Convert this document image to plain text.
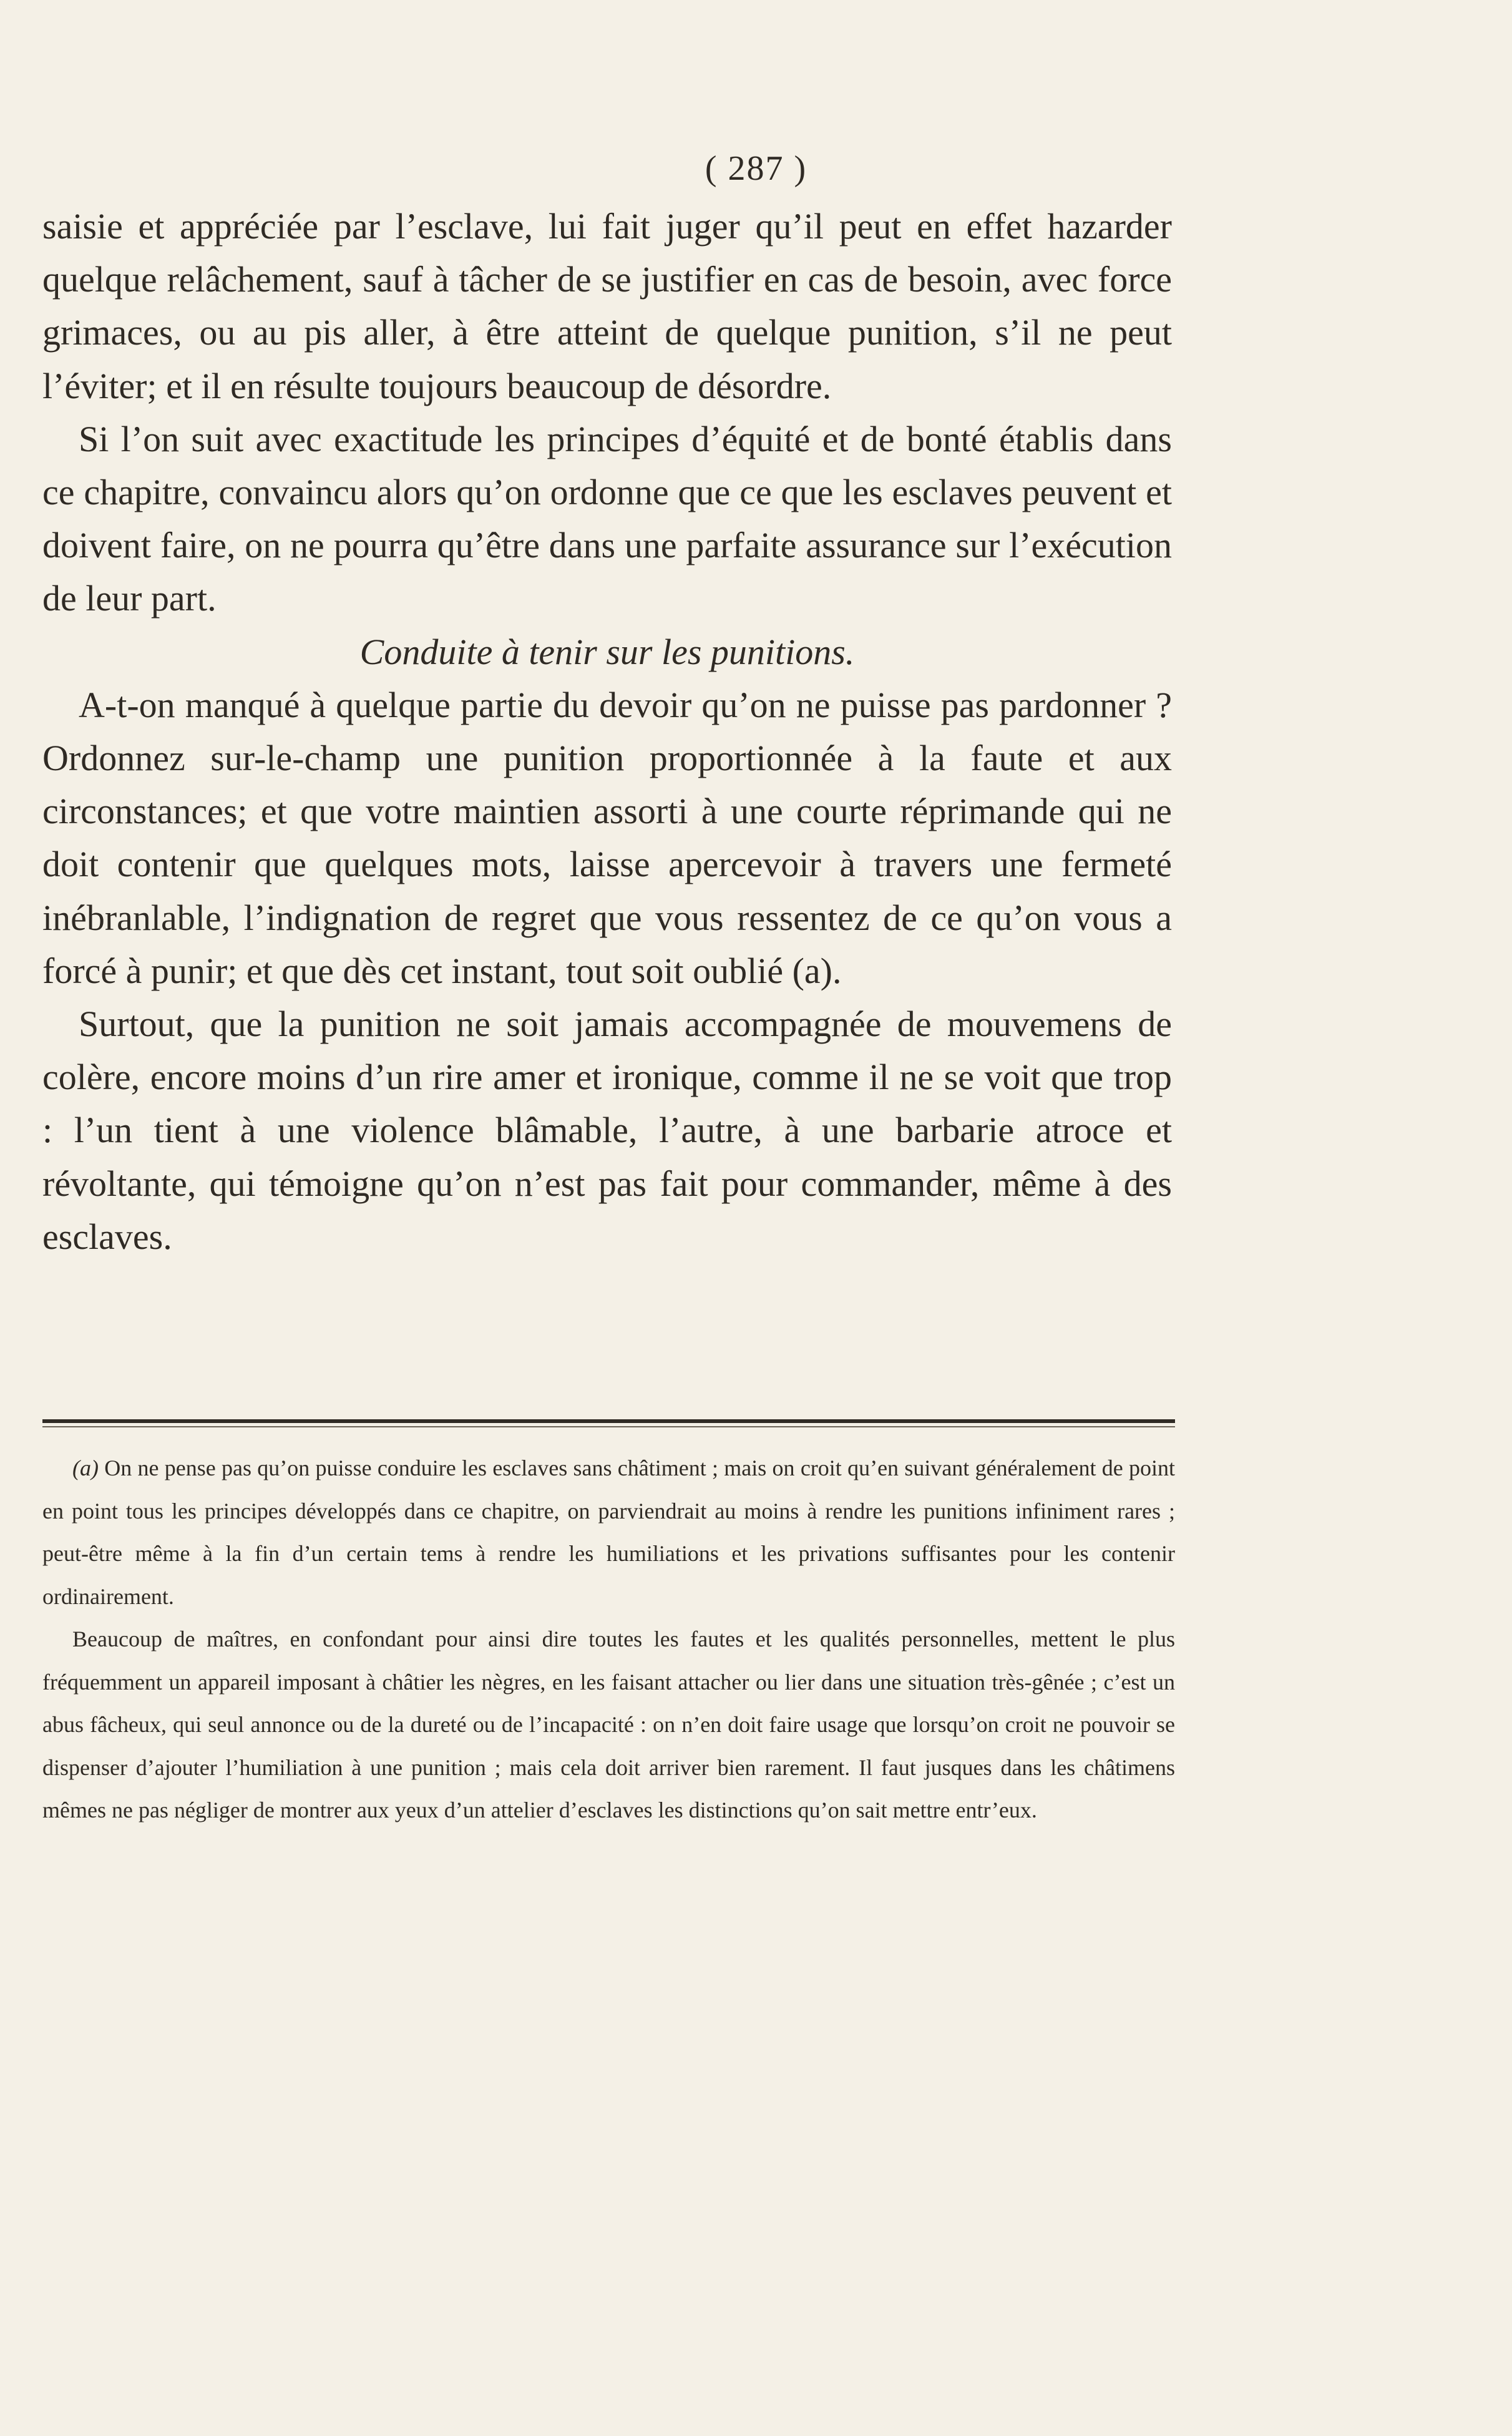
( 287 )

saisie et appréciée par l’esclave, lui fait juger qu’il peut en effet hazarder quelque relâchement, sauf à tâcher de se justifier en cas de besoin, avec force grimaces, ou au pis aller, à être atteint de quelque punition, s’il ne peut l’éviter; et il en résulte toujours beaucoup de désordre.

Si l’on suit avec exactitude les principes d’équité et de bonté établis dans ce chapitre, convaincu alors qu’on ordonne que ce que les esclaves peuvent et doivent faire, on ne pourra qu’être dans une parfaite assurance sur l’exécution de leur part.

Conduite à tenir sur les punitions.

A-t-on manqué à quelque partie du devoir qu’on ne puisse pas pardonner ? Ordonnez sur-le-champ une punition proportionnée à la faute et aux circonstances; et que votre maintien assorti à une courte réprimande qui ne doit contenir que quelques mots, laisse apercevoir à travers une fermeté inébranlable, l’indignation de regret que vous ressentez de ce qu’on vous a forcé à punir; et que dès cet instant, tout soit oublié (a).

Surtout, que la punition ne soit jamais accompagnée de mouvemens de colère, encore moins d’un rire amer et ironique, comme il ne se voit que trop : l’un tient à une violence blâmable, l’autre, à une barbarie atroce et révoltante, qui témoigne qu’on n’est pas fait pour commander, même à des esclaves.

(a) On ne pense pas qu’on puisse conduire les esclaves sans châtiment ; mais on croit qu’en suivant généralement de point en point tous les principes développés dans ce chapitre, on parviendrait au moins à rendre les punitions infiniment rares ; peut-être même à la fin d’un certain tems à rendre les humiliations et les privations suffisantes pour les contenir ordinairement.

Beaucoup de maîtres, en confondant pour ainsi dire toutes les fautes et les qualités personnelles, mettent le plus fréquemment un appareil imposant à châtier les nègres, en les faisant attacher ou lier dans une situation très-gênée ; c’est un abus fâcheux, qui seul annonce ou de la dureté ou de l’incapacité : on n’en doit faire usage que lorsqu’on croit ne pouvoir se dispenser d’ajouter l’humiliation à une punition ; mais cela doit arriver bien rarement. Il faut jusques dans les châtimens mêmes ne pas négliger de montrer aux yeux d’un attelier d’esclaves les distinctions qu’on sait mettre entr’eux.
